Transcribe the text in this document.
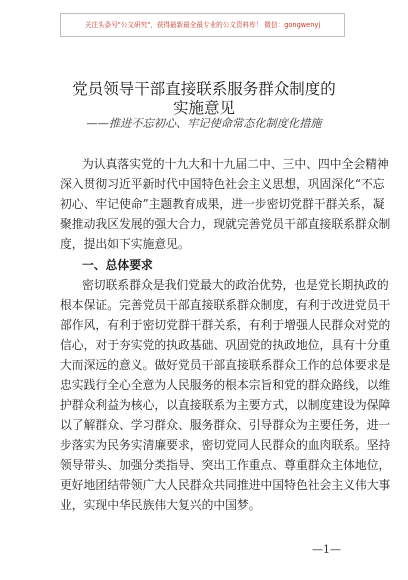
关注头条号"公文研究"，获得最新最全最专业的公文资料库！ 微信：gongwenyj
党员领导干部直接联系服务群众制度的
实施意见
——推进不忘初心、牢记使命常态化制度化措施
为认真落实党的十九大和十九届二中、三中、四中全会精神
深入贯彻习近平新时代中国特色社会主义思想，巩固深化“不忘
初心、牢记使命”主题教育成果，进一步密切党群干群关系，凝
聚推动我区发展的强大合力，现就完善党员干部直接联系群众制
度，提出如下实施意见。
一、总体要求
密切联系群众是我们党最大的政治优势，也是党长期执政的
根本保证。完善党员干部直接联系群众制度，有利于改进党员干
部作风，有利于密切党群干群关系，有利于增强人民群众对党的
信心，对于夯实党的执政基础、巩固党的执政地位，具有十分重
大而深远的意义。做好党员干部直接联系群众工作的总体要求是
忠实践行全心全意为人民服务的根本宗旨和党的群众路线，以维
护群众利益为核心，以直接联系为主要方式，以制度建设为保障
以了解群众、学习群众、服务群众、引导群众为主要任务，进一
步落实为民务实清廉要求，密切党同人民群众的血肉联系。坚持
领导带头、加强分类指导、突出工作重点、尊重群众主体地位，
更好地团结带领广大人民群众共同推进中国特色社会主义伟大事
业，实现中华民族伟大复兴的中国梦。
—1—
